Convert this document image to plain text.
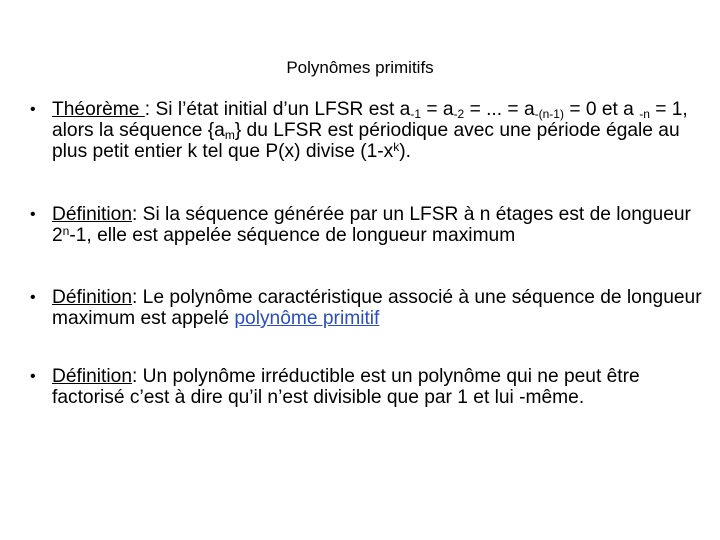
Polynômes primitifs
• Théorème : Si l’état initial d’un LFSR est $a_{-1} = a_{-2}$ = ... = $a_{-(n-1)} = 0$ et a $_{-n}$ = 1, alors la séquence $\{a_m\}$ du LFSR est périodique avec une période égale au plus petit entier k tel que P(x) divise $(1-x^k)$.
• Définition: Si la séquence générée par un LFSR à n étages est de longueur 2$^n$-1, elle est appelée séquence de longueur maximum
• Définition: Le polynôme caractéristique associé à une séquence de longueur maximum est appelé polynôme primitif
• Définition: Un polynôme irréductible est un polynôme qui ne peut être factorisé c’est à dire qu’il n’est divisible que par 1 et lui -même.
